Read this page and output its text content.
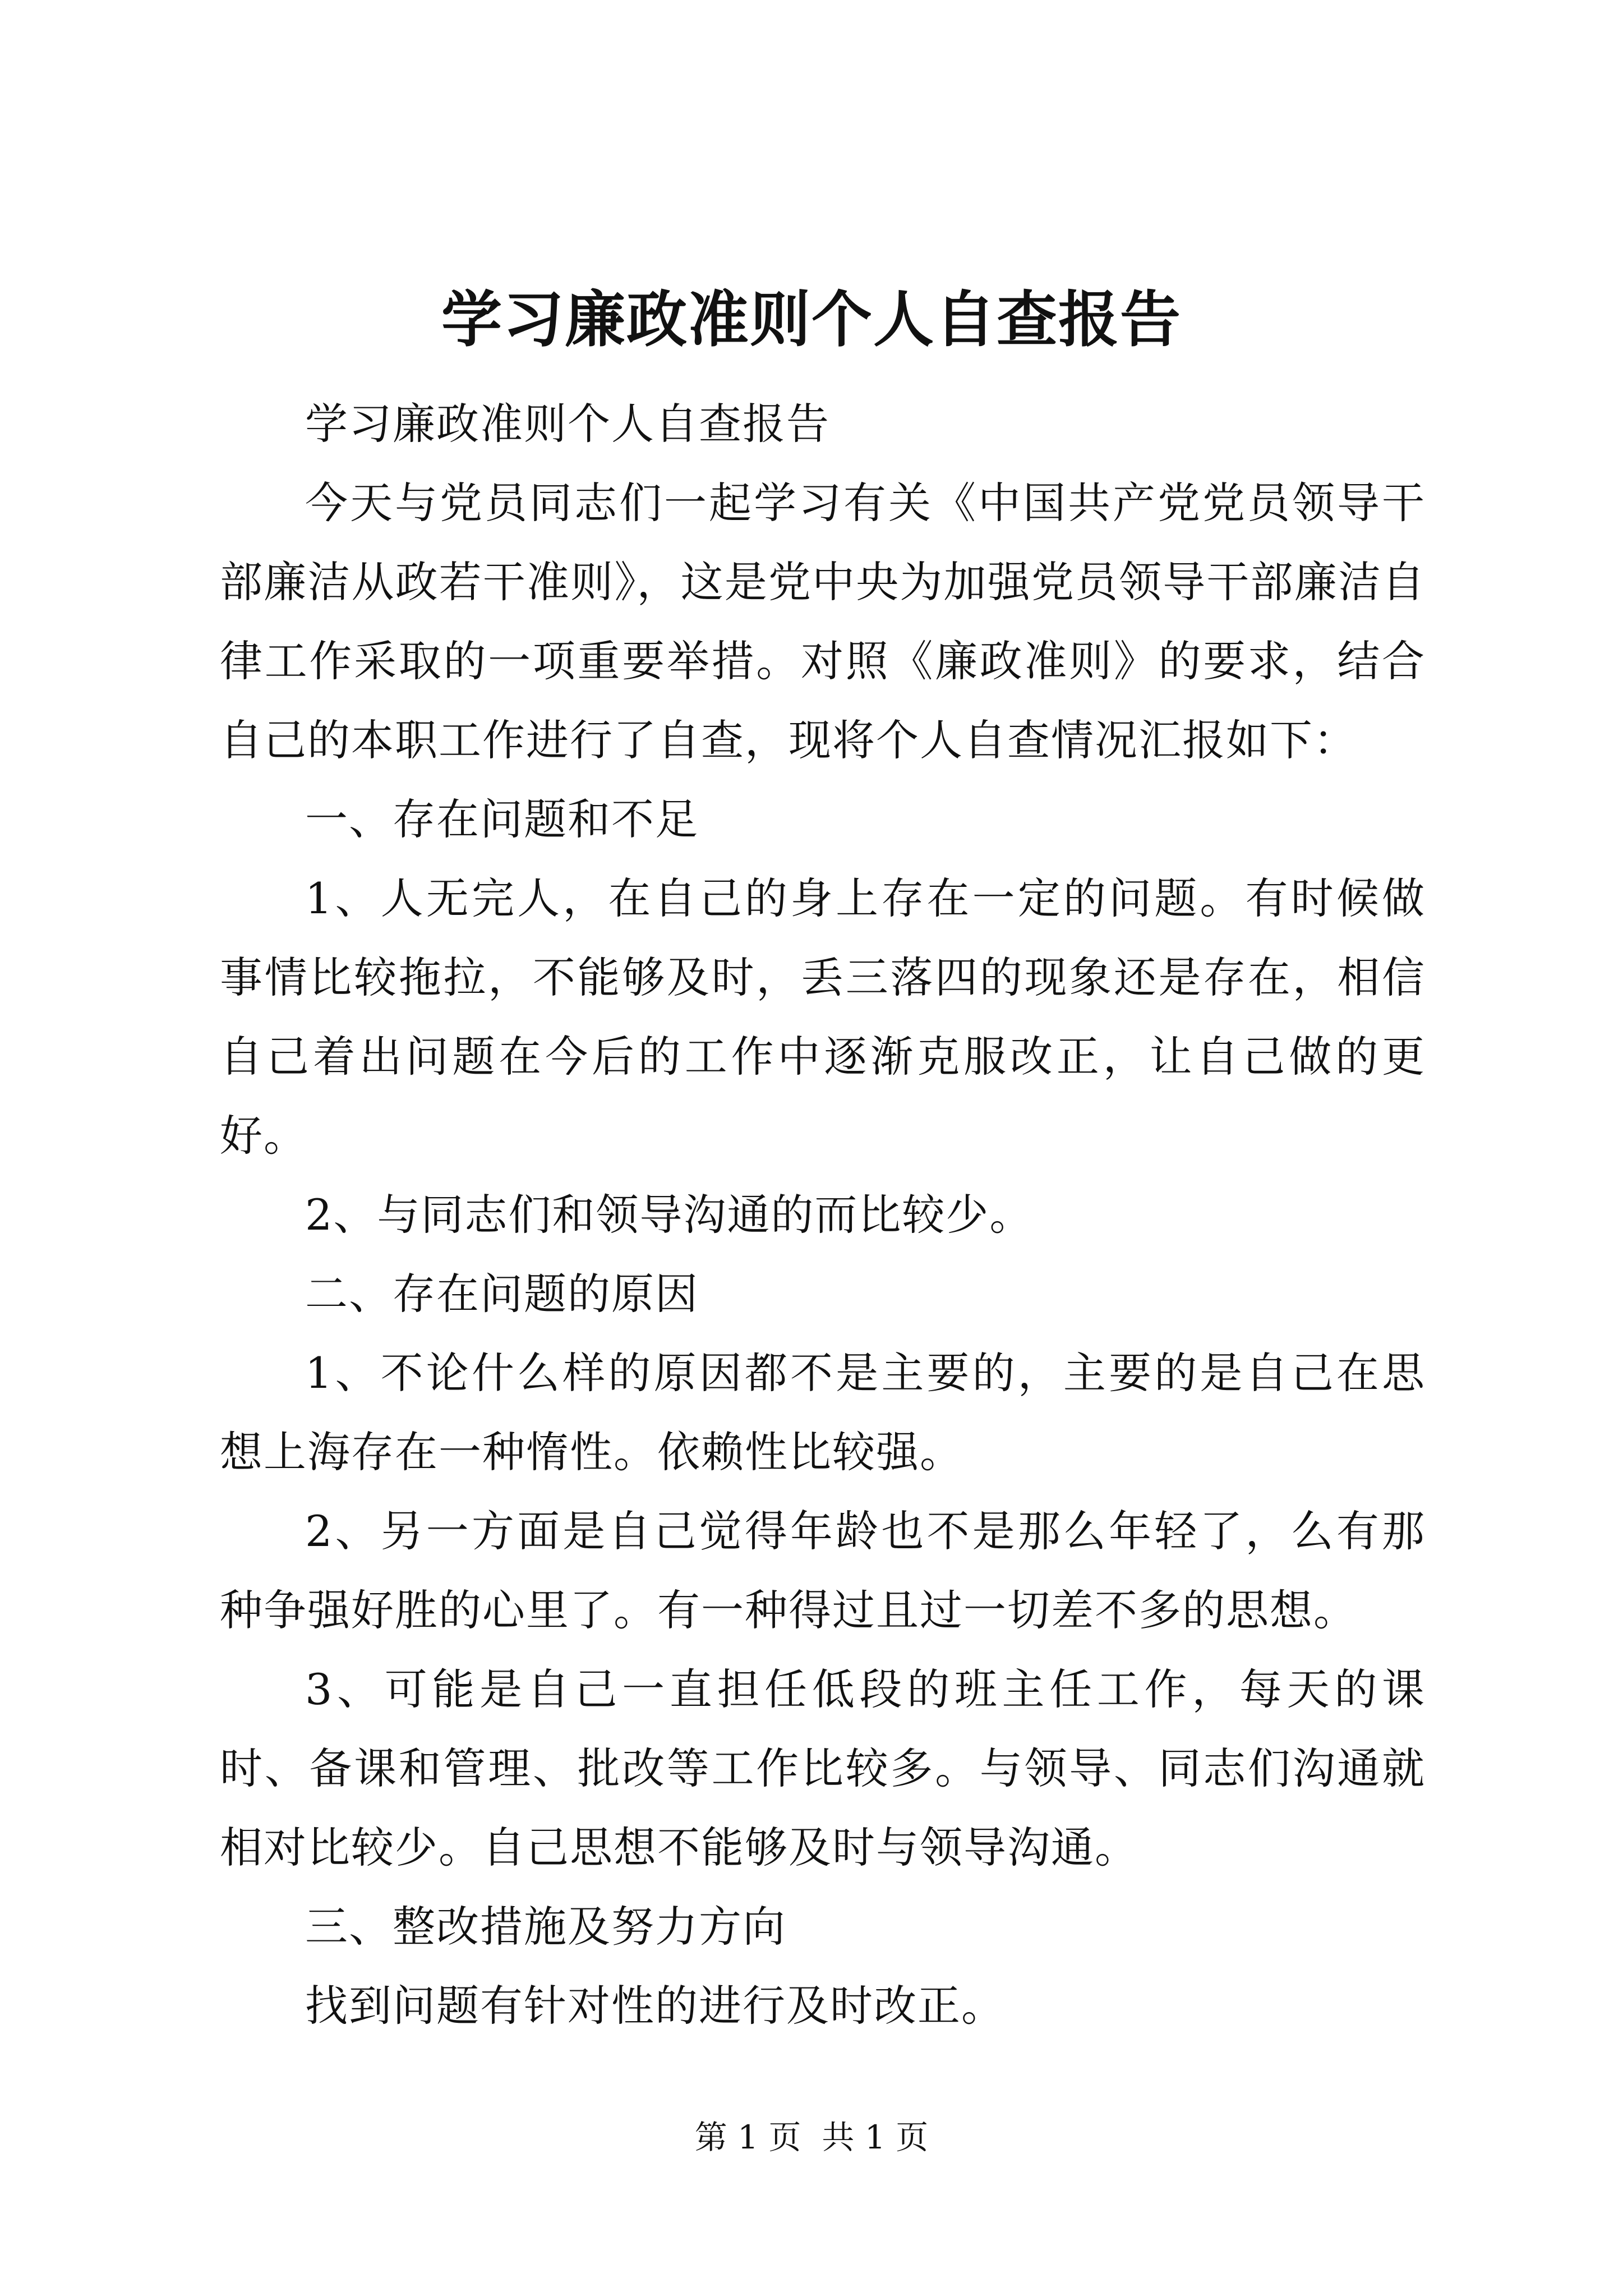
学习廉政准则个人自查报告

学习廉政准则个人自查报告

今天与党员同志们一起学习有关《中国共产党党员领导干部廉洁从政若干准则》，这是党中央为加强党员领导干部廉洁自律工作采取的一项重要举措。对照《廉政准则》的要求，结合自己的本职工作进行了自查，现将个人自查情况汇报如下：

一、存在问题和不足

1、人无完人，在自己的身上存在一定的问题。有时候做事情比较拖拉，不能够及时，丢三落四的现象还是存在，相信自己着出问题在今后的工作中逐渐克服改正，让自己做的更好。

2、与同志们和领导沟通的而比较少。

二、存在问题的原因

1、不论什么样的原因都不是主要的，主要的是自己在思想上海存在一种惰性。依赖性比较强。

2、另一方面是自己觉得年龄也不是那么年轻了，么有那种争强好胜的心里了。有一种得过且过一切差不多的思想。

3、可能是自己一直担任低段的班主任工作，每天的课时、备课和管理、批改等工作比较多。与领导、同志们沟通就相对比较少。自己思想不能够及时与领导沟通。

三、整改措施及努力方向

找到问题有针对性的进行及时改正。

第 1 页  共 1 页
